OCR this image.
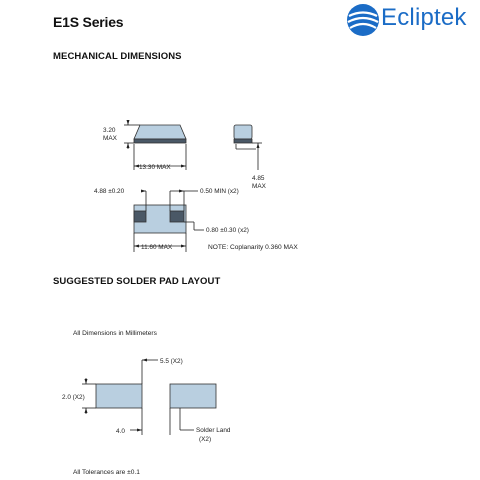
E1S Series	Ecliptek
MECHANICAL DIMENSIONS
SUGGESTED SOLDER PAD LAYOUT
3.20
MAX
13.30 MAX
4.85
MAX
4.88 ±0.20	0.50 MIN (x2)
0.80 ±0.30 (x2)
11.60 MAX	NOTE: Coplanarity 0.360 MAX
All Dimensions in Millimeters
5.5 (X2)
2.0 (X2)
4.0	Solder Land
(X2)
All Tolerances are ±0.1
